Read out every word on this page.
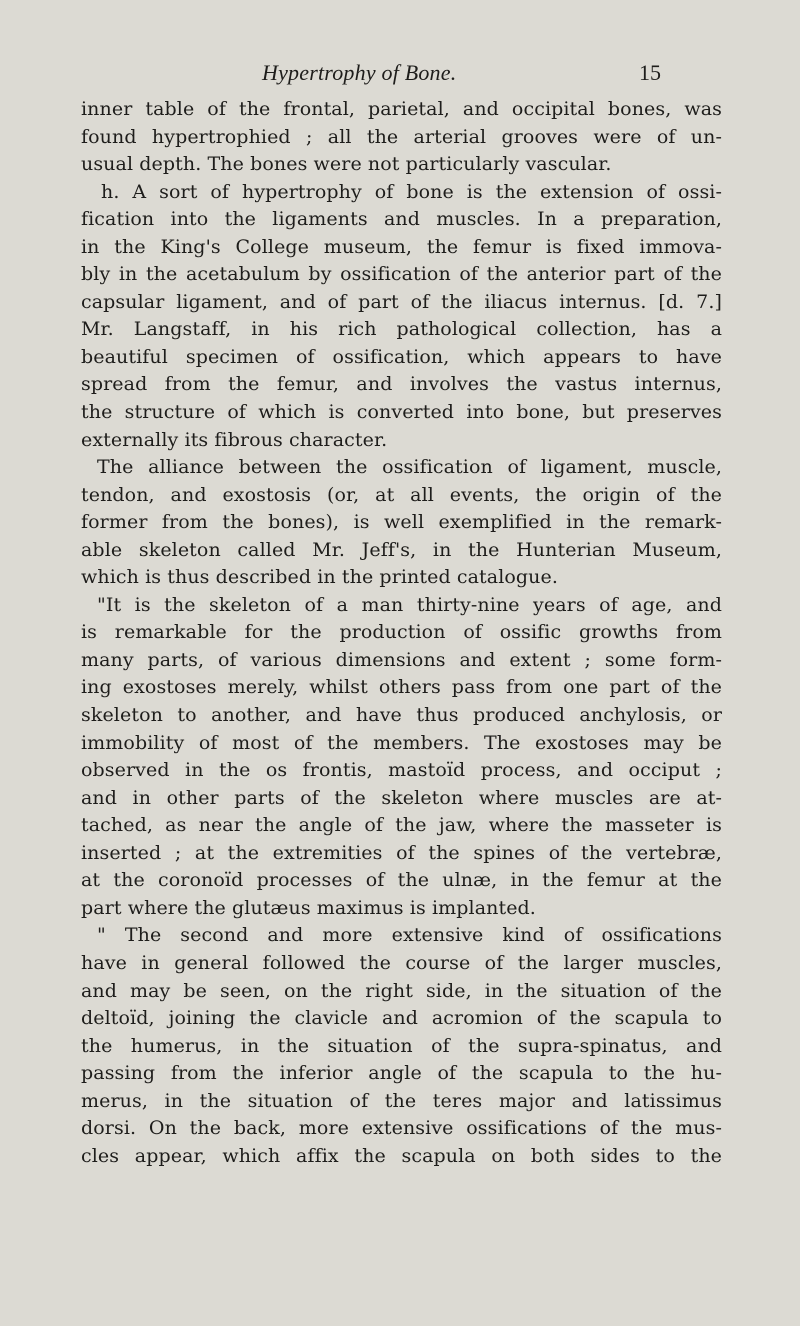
Hypertrophy of Bone.	15
inner table of the frontal, parietal, and occipital bones, was
found hypertrophied ; all the arterial grooves were of un-
usual depth. The bones were not particularly vascular.
h. A sort of hypertrophy of bone is the extension of ossi-
fication into the ligaments and muscles. In a preparation,
in the King's College museum, the femur is fixed immova-
bly in the acetabulum by ossification of the anterior part of the
capsular ligament, and of part of the iliacus internus. [d. 7.]
Mr. Langstaff, in his rich pathological collection, has a
beautiful specimen of ossification, which appears to have
spread from the femur, and involves the vastus internus,
the structure of which is converted into bone, but preserves
externally its fibrous character.
The alliance between the ossification of ligament, muscle,
tendon, and exostosis (or, at all events, the origin of the
former from the bones), is well exemplified in the remark-
able skeleton called Mr. Jeff's, in the Hunterian Museum,
which is thus described in the printed catalogue.
"It is the skeleton of a man thirty-nine years of age, and
is remarkable for the production of ossific growths from
many parts, of various dimensions and extent ; some form-
ing exostoses merely, whilst others pass from one part of the
skeleton to another, and have thus produced anchylosis, or
immobility of most of the members. The exostoses may be
observed in the os frontis, mastoïd process, and occiput ;
and in other parts of the skeleton where muscles are at-
tached, as near the angle of the jaw, where the masseter is
inserted ; at the extremities of the spines of the vertebræ,
at the coronoïd processes of the ulnæ, in the femur at the
part where the glutæus maximus is implanted.
" The second and more extensive kind of ossifications
have in general followed the course of the larger muscles,
and may be seen, on the right side, in the situation of the
deltoïd, joining the clavicle and acromion of the scapula to
the humerus, in the situation of the supra-spinatus, and
passing from the inferior angle of the scapula to the hu-
merus, in the situation of the teres major and latissimus
dorsi. On the back, more extensive ossifications of the mus-
cles appear, which affix the scapula on both sides to the
